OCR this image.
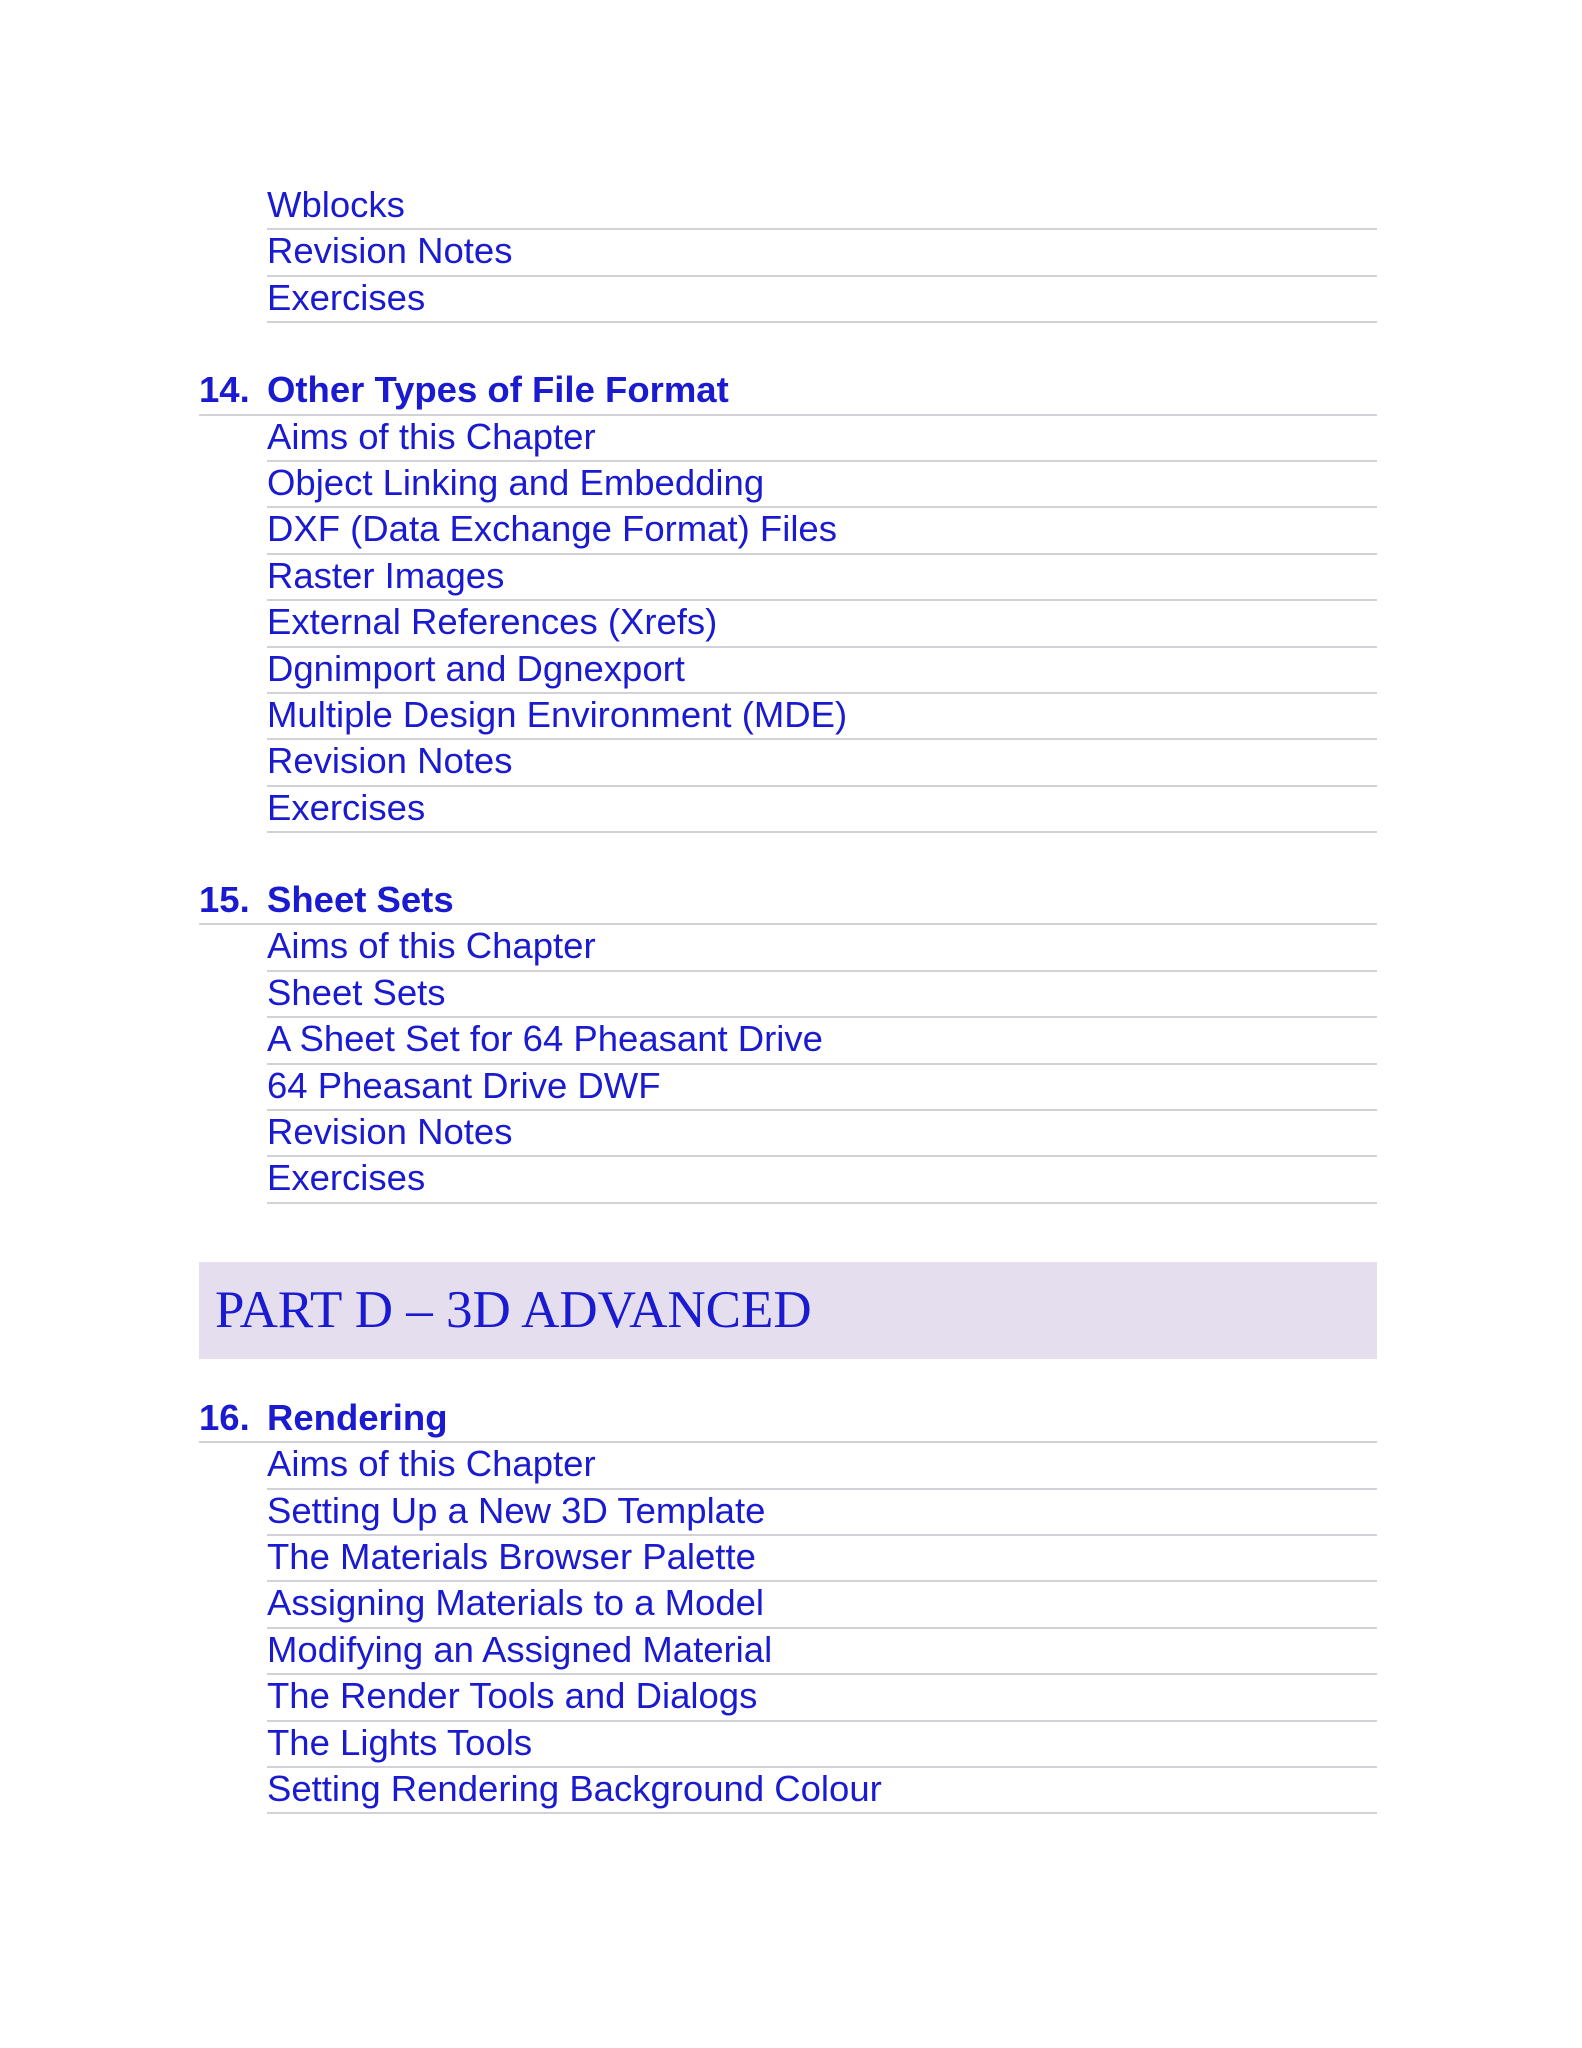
Wblocks
Revision Notes
Exercises
14. Other Types of File Format
Aims of this Chapter
Object Linking and Embedding
DXF (Data Exchange Format) Files
Raster Images
External References (Xrefs)
Dgnimport and Dgnexport
Multiple Design Environment (MDE)
Revision Notes
Exercises
15. Sheet Sets
Aims of this Chapter
Sheet Sets
A Sheet Set for 64 Pheasant Drive
64 Pheasant Drive DWF
Revision Notes
Exercises
PART D – 3D ADVANCED
16. Rendering
Aims of this Chapter
Setting Up a New 3D Template
The Materials Browser Palette
Assigning Materials to a Model
Modifying an Assigned Material
The Render Tools and Dialogs
The Lights Tools
Setting Rendering Background Colour
